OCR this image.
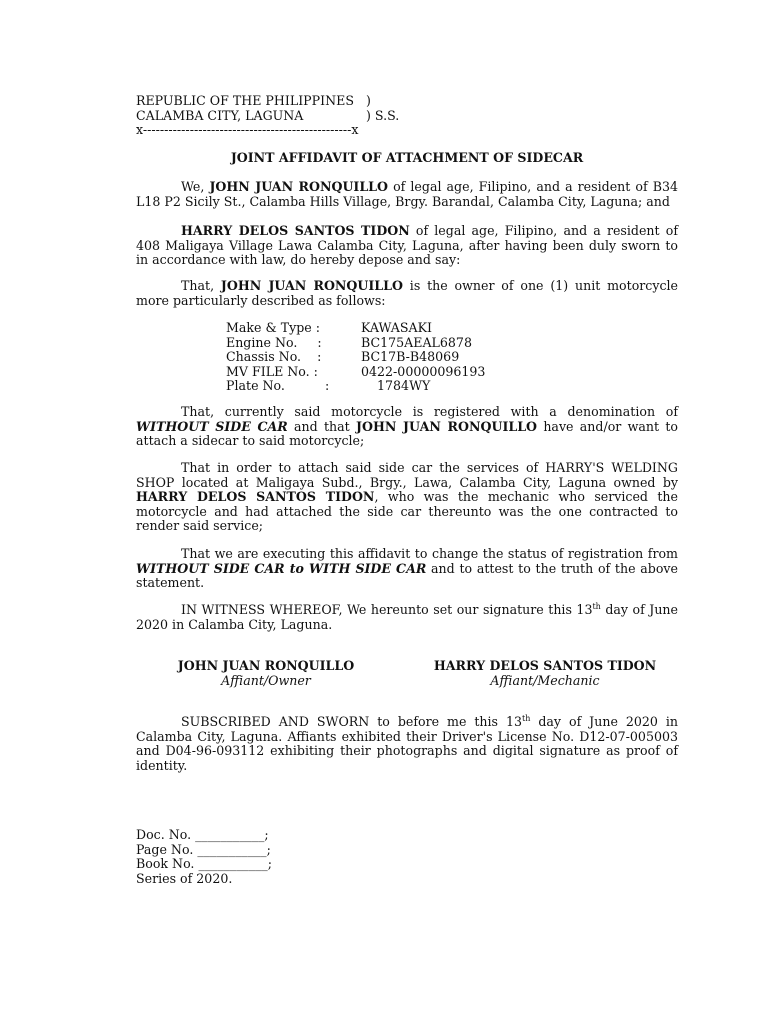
REPUBLIC OF THE PHILIPPINES   )
CALAMBA CITY, LAGUNA	) S.S.
x-------------------------------------------------x
JOINT AFFIDAVIT OF ATTACHMENT OF SIDECAR
We, JOHN JUAN RONQUILLO of legal age, Filipino, and a resident of B34 L18 P2 Sicily St., Calamba Hills Village, Brgy. Barandal, Calamba City, Laguna; and
HARRY DELOS SANTOS TIDON of legal age, Filipino, and a resident of 408 Maligaya Village Lawa Calamba City, Laguna, after having been duly sworn to in accordance with law, do hereby depose and say:
That, JOHN JUAN RONQUILLO is the owner of one (1) unit motorcycle more particularly described as follows:
Make & Type :	KAWASAKI
Engine No.     :	BC175AEAL6878
Chassis No.    :	BC17B-B48069
MV FILE No. :	0422-00000096193
Plate No.          :	1784WY
That, currently said motorcycle is registered with a denomination of WITHOUT SIDE CAR and that JOHN JUAN RONQUILLO have and/or want to attach a sidecar to said motorcycle;
That in order to attach said side car the services of HARRY'S WELDING SHOP located at Maligaya Subd., Brgy., Lawa, Calamba City, Laguna owned by HARRY DELOS SANTOS TIDON, who was the mechanic who serviced the motorcycle and had attached the side car thereunto was the one contracted to render said service;
That we are executing this affidavit to change the status of registration from WITHOUT SIDE CAR to WITH SIDE CAR and to attest to the truth of the above statement.
IN WITNESS WHEREOF, We hereunto set our signature this 13th day of June 2020 in Calamba City, Laguna.
JOHN JUAN RONQUILLO
Affiant/Owner
HARRY DELOS SANTOS TIDON
Affiant/Mechanic
SUBSCRIBED AND SWORN to before me this 13th day of June 2020 in Calamba City, Laguna. Affiants exhibited their Driver's License No. D12-07-005003 and D04-96-093112 exhibiting their photographs and digital signature as proof of identity.
Doc. No. ___________;
Page No. ___________;
Book No. ___________;
Series of 2020.
